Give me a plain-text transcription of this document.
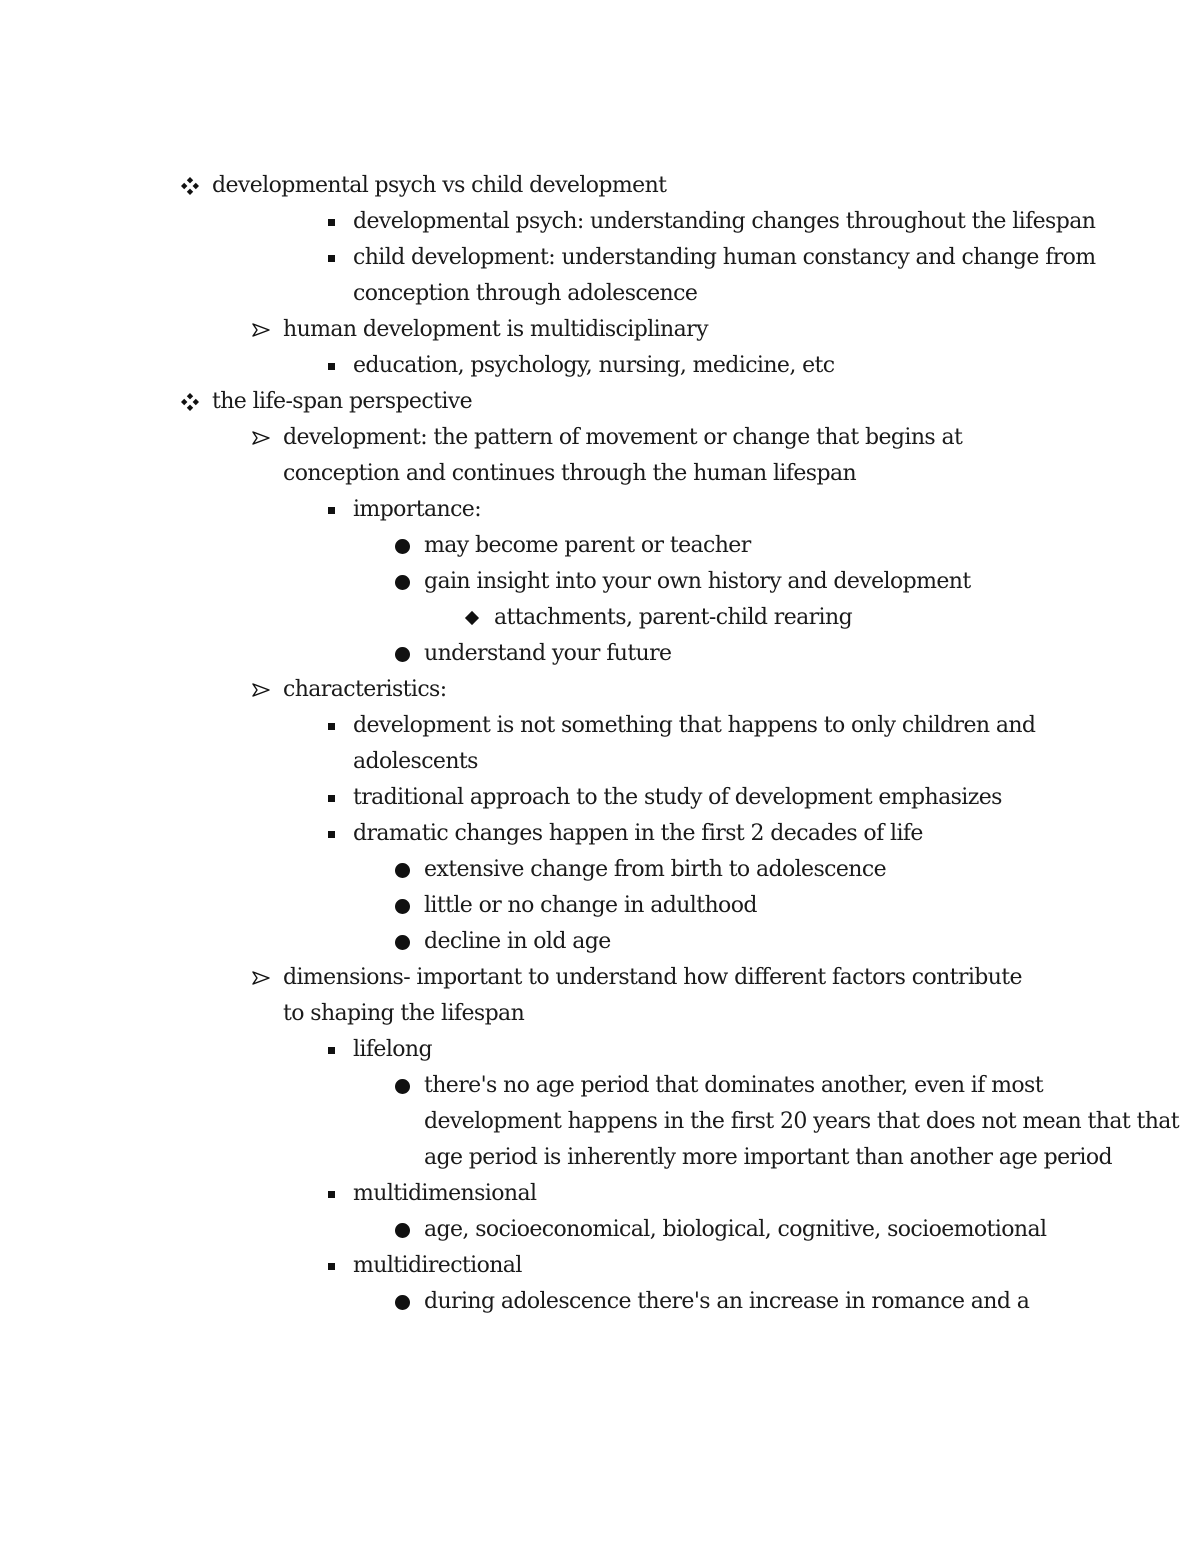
developmental psych vs child development
developmental psych: understanding changes throughout the lifespan
child development: understanding human constancy and change from conception through adolescence
human development is multidisciplinary
education, psychology, nursing, medicine, etc
the life-span perspective
development: the pattern of movement or change that begins at conception and continues through the human lifespan
importance:
may become parent or teacher
gain insight into your own history and development
attachments, parent-child rearing
understand your future
characteristics:
development is not something that happens to only children and adolescents
traditional approach to the study of development emphasizes
dramatic changes happen in the first 2 decades of life
extensive change from birth to adolescence
little or no change in adulthood
decline in old age
dimensions- important to understand how different factors contribute to shaping the lifespan
lifelong
there's no age period that dominates another, even if most development happens in the first 20 years that does not mean that that age period is inherently more important than another age period
multidimensional
age, socioeconomical, biological, cognitive, socioemotional
multidirectional
during adolescence there's an increase in romance and a
